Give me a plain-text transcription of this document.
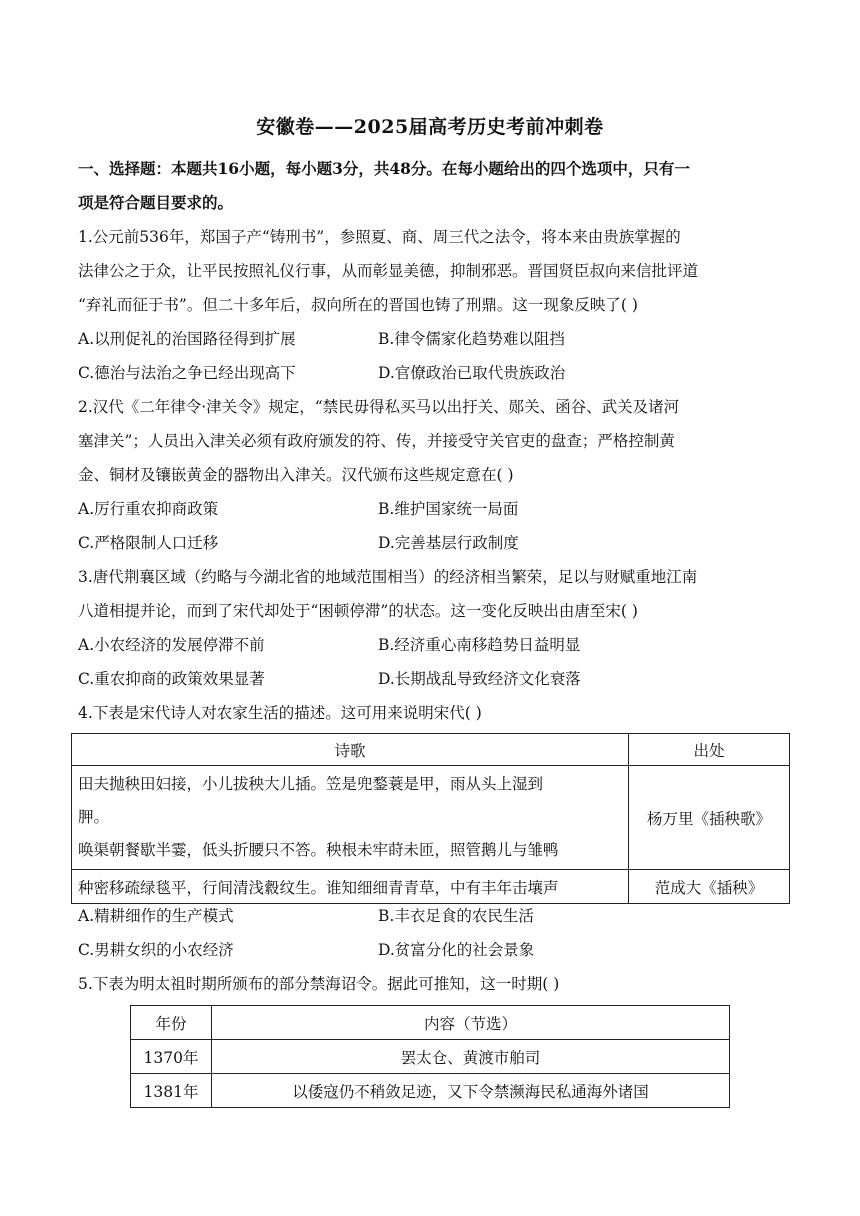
安徽卷——2025届高考历史考前冲刺卷
一、选择题：本题共16小题，每小题3分，共48分。在每小题给出的四个选项中，只有一
项是符合题目要求的。
1.公元前536年，郑国子产“铸刑书”，参照夏、商、周三代之法令，将本来由贵族掌握的
法律公之于众，让平民按照礼仪行事，从而彰显美德，抑制邪恶。晋国贤臣叔向来信批评道
“弃礼而征于书”。但二十多年后，叔向所在的晋国也铸了刑鼎。这一现象反映了( )
A.以刑促礼的治国路径得到扩展	B.律令儒家化趋势难以阻挡
C.德治与法治之争已经出现高下	D.官僚政治已取代贵族政治
2.汉代《二年律令·津关令》规定，“禁民毋得私买马以出扜关、郧关、函谷、武关及诸河
塞津关”；人员出入津关必须有政府颁发的符、传，并接受守关官吏的盘查；严格控制黄
金、铜材及镶嵌黄金的器物出入津关。汉代颁布这些规定意在( )
A.厉行重农抑商政策	B.维护国家统一局面
C.严格限制人口迁移	D.完善基层行政制度
3.唐代荆襄区域（约略与今湖北省的地域范围相当）的经济相当繁荣，足以与财赋重地江南
八道相提并论，而到了宋代却处于“困顿停滞”的状态。这一变化反映出由唐至宋( )
A.小农经济的发展停滞不前	B.经济重心南移趋势日益明显
C.重农抑商的政策效果显著	D.长期战乱导致经济文化衰落
4.下表是宋代诗人对农家生活的描述。这可用来说明宋代( )
诗歌	出处

田夫抛秧田妇接，小儿拔秧大儿插。笠是兜鍪蓑是甲，雨从头上湿到
胛。
唤渠朝餐歇半霎，低头折腰只不答。秧根未牢莳未匝，照管鹅儿与雏鸭	杨万里《插秧歌》
种密移疏绿毯平，行间清浅縠纹生。谁知细细青青草，中有丰年击壤声	范成大《插秧》
A.精耕细作的生产模式	B.丰衣足食的农民生活
C.男耕女织的小农经济	D.贫富分化的社会景象
5.下表为明太祖时期所颁布的部分禁海诏令。据此可推知，这一时期( )
年份	内容（节选）
1370年	罢太仓、黄渡市舶司
1381年	以倭寇仍不稍敛足迹，又下令禁濒海民私通海外诸国
